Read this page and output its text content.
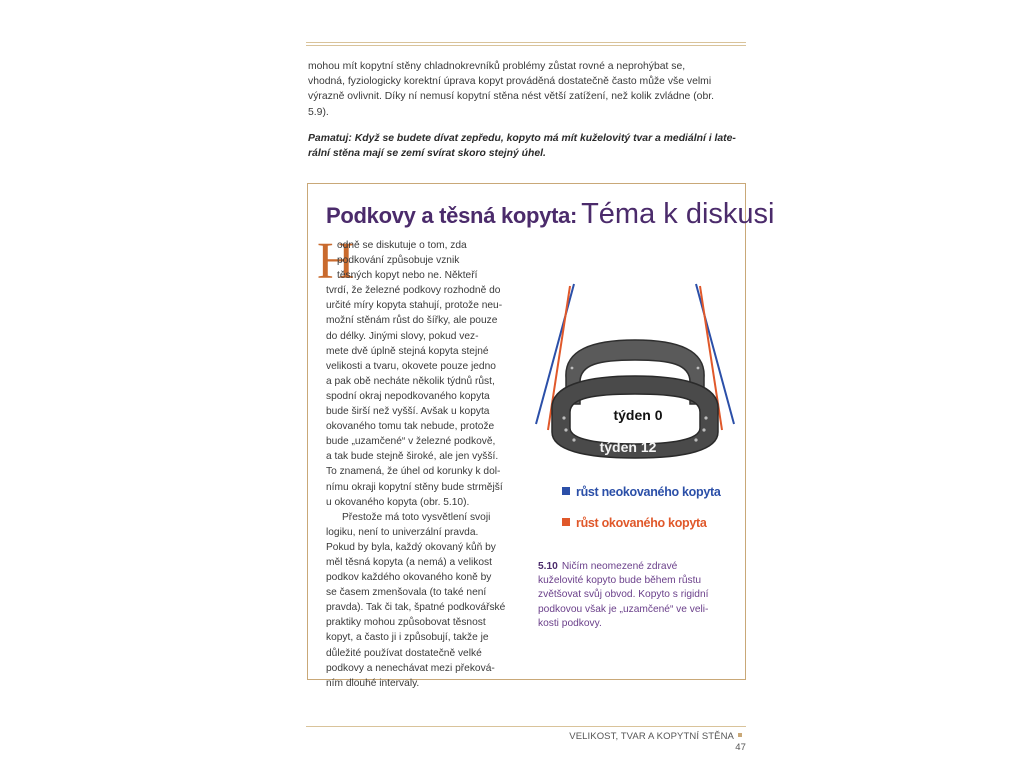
mohou mít kopytní stěny chladnokrevníků problémy zůstat rovné a neprohýbat se,

vhodná, fyziologicky korektní úprava kopyt prováděná dostatečně často může vše velmi

výrazně ovlivnit. Díky ní nemusí kopytní stěna nést větší zatížení, než kolik zvládne (obr.

5.9).

Pamatuj: Když se budete dívat zepředu, kopyto má mít kuželovitý tvar a mediální i late-

rální stěna mají se zemí svírat skoro stejný úhel.

Podkovy a těsná kopyta: Téma k diskusi
H

odně se diskutuje o tom, zda

podkování způsobuje vznik

těsných kopyt nebo ne. Někteří

tvrdí, že železné podkovy rozhodně do

určité míry kopyta stahují, protože neu-

možní stěnám růst do šířky, ale pouze

do délky. Jinými slovy, pokud vez-

mete dvě úplně stejná kopyta stejné

velikosti a tvaru, okovete pouze jedno

a pak obě necháte několik týdnů růst,

spodní okraj nepodkovaného kopyta

bude širší než vyšší. Avšak u kopyta

okovaného tomu tak nebude, protože

bude „uzamčené“ v železné podkově,

a tak bude stejně široké, ale jen vyšší.

To znamená, že úhel od korunky k dol-

nímu okraji kopytní stěny bude strmější

u okovaného kopyta (obr. 5.10).

Přestože má toto vysvětlení svoji

logiku, není to univerzální pravda.

Pokud by byla, každý okovaný kůň by

měl těsná kopyta (a nemá) a velikost

podkov každého okovaného koně by

se časem zmenšovala (to také není

pravda). Tak či tak, špatné podkovářské

praktiky mohou způsobovat těsnost

kopyt, a často ji i způsobují, takže je

důležité používat dostatečně velké

podkovy a nenechávat mezi překová-

ním dlouhé intervaly.

týden 0
týden 12
růst neokovaného kopyta
růst okovaného kopyta
5.10 Ničím neomezené zdravé
kuželovité kopyto bude během růstu
zvětšovat svůj obvod. Kopyto s rigidní
podkovou však je „uzamčené“ ve veli-
kosti podkovy.
VELIKOST, TVAR A KOPYTNÍ STĚNA47
